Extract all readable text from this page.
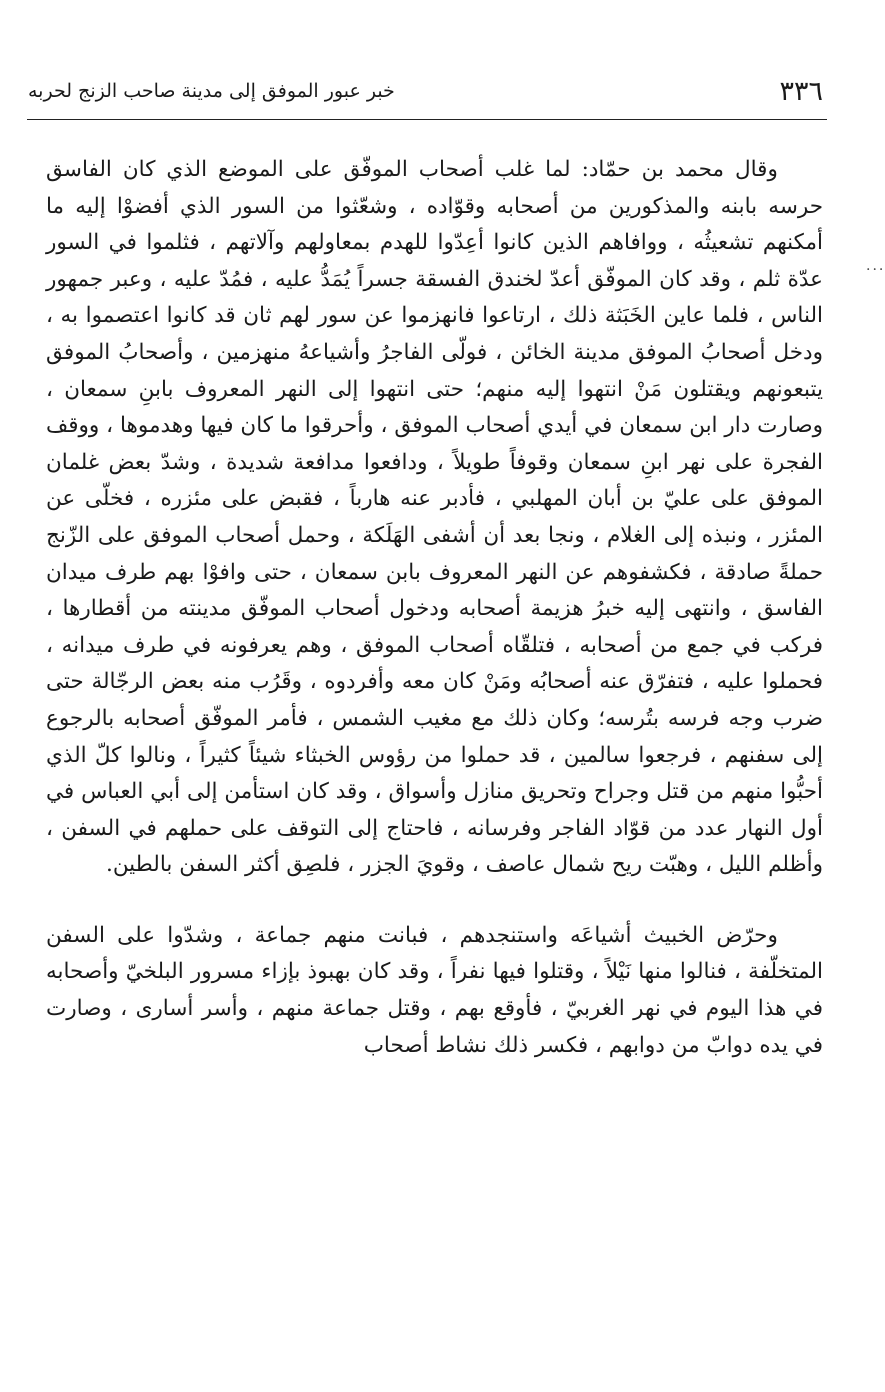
٣٣٦
خبر عبور الموفق إلى مدينة صاحب الزنج لحربه
...

وقال محمد بن حمّاد: لما غلب أصحاب الموفّق على الموضع الذي كان الفاسق حرسه بابنه والمذكورين من أصحابه وقوّاده ، وشعّثوا من السور الذي أفضوْا إليه ما أمكنهم تشعيثُه ، ووافاهم الذين كانوا أعِدّوا للهدم بمعاولهم وآلاتهم ، فثلموا في السور عدّة ثلم ، وقد كان الموفّق أعدّ لخندق الفسقة جسراً يُمَدُّ عليه ، فمُدّ عليه ، وعبر جمهور الناس ، فلما عاين الخَبَثة ذلك ، ارتاعوا فانهزموا عن سور لهم ثان قد كانوا اعتصموا به ، ودخل أصحابُ الموفق مدينة الخائن ، فولّى الفاجرُ وأشياعهُ منهزمين ، وأصحابُ الموفق يتبعونهم ويقتلون مَنْ انتهوا إليه منهم؛ حتى انتهوا إلى النهر المعروف بابنِ سمعان ، وصارت دار ابن سمعان في أيدي أصحاب الموفق ، وأحرقوا ما كان فيها وهدموها ، ووقف الفجرة على نهر ابنِ سمعان وقوفاً طويلاً ، ودافعوا مدافعة شديدة ، وشدّ بعض غلمان الموفق على عليّ بن أبان المهلبي ، فأدبر عنه هارباً ، فقبض على مئزره ، فخلّى عن المئزر ، ونبذه إلى الغلام ، ونجا بعد أن أشفى الهَلَكة ، وحمل أصحاب الموفق على الزّنج حملةً صادقة ، فكشفوهم عن النهر المعروف بابن سمعان ، حتى وافوْا بهم طرف ميدان الفاسق ، وانتهى إليه خبرُ هزيمة أصحابه ودخول أصحاب الموفّق مدينته من أقطارها ، فركب في جمع من أصحابه ، فتلقّاه أصحاب الموفق ، وهم يعرفونه في طرف ميدانه ، فحملوا عليه ، فتفرّق عنه أصحابُه ومَنْ كان معه وأفردوه ، وقَرُب منه بعض الرجّالة حتى ضرب وجه فرسه بتُرسه؛ وكان ذلك مع مغيب الشمس ، فأمر الموفّق أصحابه بالرجوع إلى سفنهم ، فرجعوا سالمين ، قد حملوا من رؤوس الخبثاء شيئاً كثيراً ، ونالوا كلّ الذي أحبُّوا منهم من قتل وجراح وتحريق منازل وأسواق ، وقد كان استأمن إلى أبي العباس في أول النهار عدد من قوّاد الفاجر وفرسانه ، فاحتاج إلى التوقف على حملهم في السفن ، وأظلم الليل ، وهبّت ريح شمال عاصف ، وقويَ الجزر ، فلصِق أكثر السفن بالطين.

وحرّض الخبيث أشياعَه واستنجدهم ، فبانت منهم جماعة ، وشدّوا على السفن المتخلّفة ، فنالوا منها نَيْلاً ، وقتلوا فيها نفراً ، وقد كان بهبوذ بإزاء مسرور البلخيّ وأصحابه في هذا اليوم في نهر الغربيّ ، فأوقع بهم ، وقتل جماعة منهم ، وأسر أسارى ، وصارت في يده دوابّ من دوابهم ، فكسر ذلك نشاط أصحاب
